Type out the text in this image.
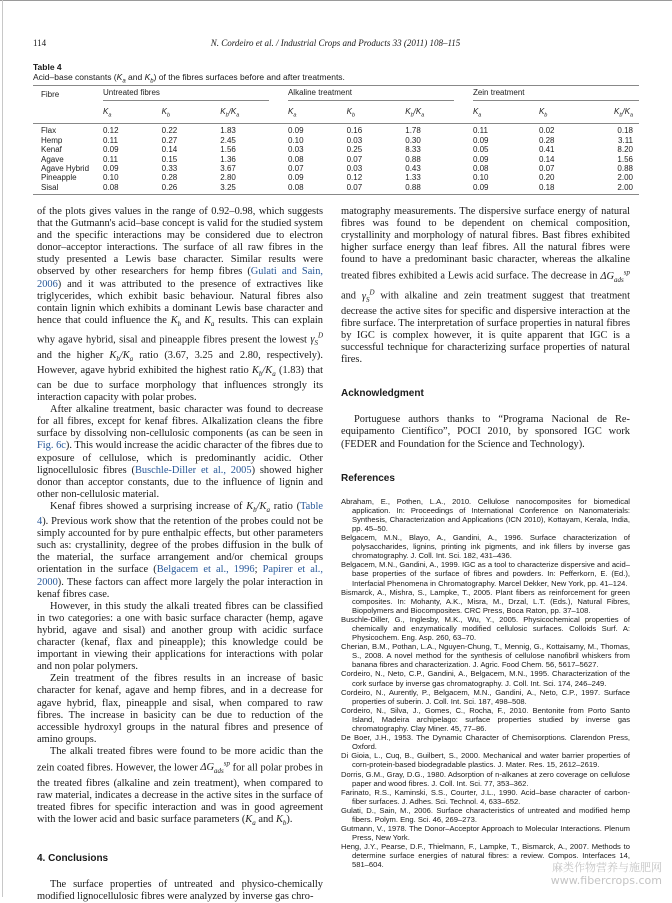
114	N. Cordeiro et al. / Industrial Crops and Products 33 (2011) 108–115
Table 4
Acid–base constants ($K_a$ and $K_b$) of the fibres surfaces before and after treatments.

Fibre	Untreated fibres			Alkaline treatment			Zein treatment		

	$K_a$	$K_b$	$K_b/K_a$	$K_a$	$K_b$	$K_b/K_a$	$K_a$	$K_b$	$K_b/K_a$
Flax	0.12	0.22	1.83	0.09	0.16	1.78	0.11	0.02	0.18
Hemp	0.11	0.27	2.45	0.10	0.03	0.30	0.09	0.28	3.11
Kenaf	0.09	0.14	1.56	0.03	0.25	8.33	0.05	0.41	8.20
Agave	0.11	0.15	1.36	0.08	0.07	0.88	0.09	0.14	1.56
Agave Hybrid	0.09	0.33	3.67	0.07	0.03	0.43	0.08	0.07	0.88
Pineapple	0.10	0.28	2.80	0.09	0.12	1.33	0.10	0.20	2.00
Sisal	0.08	0.26	3.25	0.08	0.07	0.88	0.09	0.18	2.00

of the plots gives values in the range of 0.92–0.98, which suggests that the Gutmann's acid–base concept is valid for the studied system and the specific interactions may be considered due to electron donor–acceptor interactions. The surface of all raw fibres in the study presented a Lewis base character. Similar results were observed by other researchers for hemp fibres (Gulati and Sain, 2006) and it was attributed to the presence of extractives like triglycerides, which exhibit basic behaviour. Natural fibres also contain lignin which exhibits a dominant Lewis base character and hence that could influence the $K_b$ and $K_a$ results. This can explain why agave hybrid, sisal and pineapple fibres present the lowest $\gamma_S^D$ and the higher $K_b/K_a$ ratio (3.67, 3.25 and 2.80, respectively). However, agave hybrid exhibited the highest ratio $K_b/K_a$ (1.83) that can be due to surface morphology that influences strongly its interaction capacity with polar probes.

After alkaline treatment, basic character was found to decrease for all fibres, except for kenaf fibres. Alkalization cleans the fibre surface by dissolving non-cellulosic components (as can be seen in Fig. 6c). This would increase the acidic character of the fibres due to exposure of cellulose, which is predominantly acidic. Other lignocellulosic fibres (Buschle-Diller et al., 2005) showed higher donor than acceptor constants, due to the influence of lignin and other non-cellulosic material.

Kenaf fibres showed a surprising increase of $K_b/K_a$ ratio (Table 4). Previous work show that the retention of the probes could not be simply accounted for by pure enthalpic effects, but other parameters such as: crystallinity, degree of the probes diffusion in the bulk of the material, the surface arrangement and/or chemical groups orientation in the surface (Belgacem et al., 1996; Papirer et al., 2000). These factors can affect more largely the polar interaction in kenaf fibres case.

However, in this study the alkali treated fibres can be classified in two categories: a one with basic surface character (hemp, agave hybrid, agave and sisal) and another group with acidic surface character (kenaf, flax and pineapple); this knowledge could be important in viewing their applications for interactions with polar and non polar polymers.

Zein treatment of the fibres results in an increase of basic character for kenaf, agave and hemp fibres, and in a decrease for agave hybrid, flax, pineapple and sisal, when compared to raw fibres. The increase in basicity can be due to reduction of the accessible hydroxyl groups in the natural fibres and presence of amino groups.

The alkali treated fibres were found to be more acidic than the zein coated fibres. However, the lower $\Delta G_{ads}^{sp}$ for all polar probes in the treated fibres (alkaline and zein treatment), when compared to raw material, indicates a decrease in the active sites in the surface of treated fibres for specific interaction and was in good agreement with the lower acid and basic surface parameters ($K_a$ and $K_b$).

4. Conclusions

The surface properties of untreated and physico-chemically modified lignocellulosic fibres were analyzed by inverse gas chro-

matography measurements. The dispersive surface energy of natural fibres was found to be dependent on chemical composition, crystallinity and morphology of natural fibres. Bast fibres exhibited higher surface energy than leaf fibres. All the natural fibres were found to have a predominant basic character, whereas the alkaline treated fibres exhibited a Lewis acid surface. The decrease in $\Delta G_{ads}^{sp}$ and $\gamma_S^D$ with alkaline and zein treatment suggest that treatment decrease the active sites for specific and dispersive interaction at the fibre surface. The interpretation of surface properties in natural fibres by IGC is complex however, it is quite apparent that IGC is a successful technique for characterizing surface properties of natural fires.

Acknowledgment

Portuguese authors thanks to “Programa Nacional de Re-equipamento Científico”, POCI 2010, by sponsored IGC work (FEDER and Foundation for the Science and Technology).

References

Abraham, E., Pothen, L.A., 2010. Cellulose nanocomposites for biomedical application. In: Proceedings of International Conference on Nanomaterials: Synthesis, Characterization and Applications (ICN 2010), Kottayam, Kerala, India, pp. 45–50.

Belgacem, M.N., Blayo, A., Gandini, A., 1996. Surface characterization of polysaccharides, lignins, printing ink pigments, and ink fillers by inverse gas chromatography. J. Coll. Int. Sci. 182, 431–436.

Belgacem, M.N., Gandini, A., 1999. IGC as a tool to characterize dispersive and acid–base properties of the surface of fibres and powders. In: Pefferkorn, E. (Ed.), Interfacial Phenomena in Chromatography. Marcel Dekker, New York, pp. 41–124.

Bismarck, A., Mishra, S., Lampke, T., 2005. Plant fibers as reinforcement for green composites. In: Mohanty, A.K., Misra, M., Drzal, L.T. (Eds.), Natural Fibres, Biopolymers and Biocomposites. CRC Press, Boca Raton, pp. 37–108.

Buschle-Diller, G., Inglesby, M.K., Wu, Y., 2005. Physicochemical properties of chemically and enzymatically modified cellulosic surfaces. Colloids Surf. A: Physicochem. Eng. Asp. 260, 63–70.

Cherian, B.M., Pothan, L.A., Nguyen-Chung, T., Mennig, G., Kottaisamy, M., Thomas, S., 2008. A novel method for the synthesis of cellulose nanofibril whiskers from banana fibres and characterization. J. Agric. Food Chem. 56, 5617–5627.

Cordeiro, N., Neto, C.P., Gandini, A., Belgacem, M.N., 1995. Characterization of the cork surface by inverse gas chromatography. J. Coll. Int. Sci. 174, 246–249.

Cordeiro, N., Aurently, P., Belgacem, M.N., Gandini, A., Neto, C.P., 1997. Surface properties of suberin. J. Coll. Int. Sci. 187, 498–508.

Cordeiro, N., Silva, J., Gomes, C., Rocha, F., 2010. Bentonite from Porto Santo Island, Madeira archipelago: surface properties studied by inverse gas chromatography. Clay Miner. 45, 77–86.

De Boer, J.H., 1953. The Dynamic Character of Chemisorptions. Clarendon Press, Oxford.

Di Gioia, L., Cuq, B., Guilbert, S., 2000. Mechanical and water barrier properties of corn-protein-based biodegradable plastics. J. Mater. Res. 15, 2612–2619.

Dorris, G.M., Gray, D.G., 1980. Adsorption of n-alkanes at zero coverage on cellulose paper and wood fibres. J. Coll. Int. Sci. 77, 353–362.

Farinato, R.S., Kaminski, S.S., Courter, J.L., 1990. Acid–base character of carbon-fiber surfaces. J. Adhes. Sci. Technol. 4, 633–652.

Gulati, D., Sain, M., 2006. Surface characteristics of untreated and modified hemp fibers. Polym. Eng. Sci. 46, 269–273.

Gutmann, V., 1978. The Donor–Acceptor Approach to Molecular Interactions. Plenum Press, New York.

Heng, J.Y., Pearse, D.F., Thielmann, F., Lampke, T., Bismarck, A., 2007. Methods to determine surface energies of natural fibres: a review. Compos. Interfaces 14, 581–604.	麻类作物营养与施肥网
www.fibercrops.com
